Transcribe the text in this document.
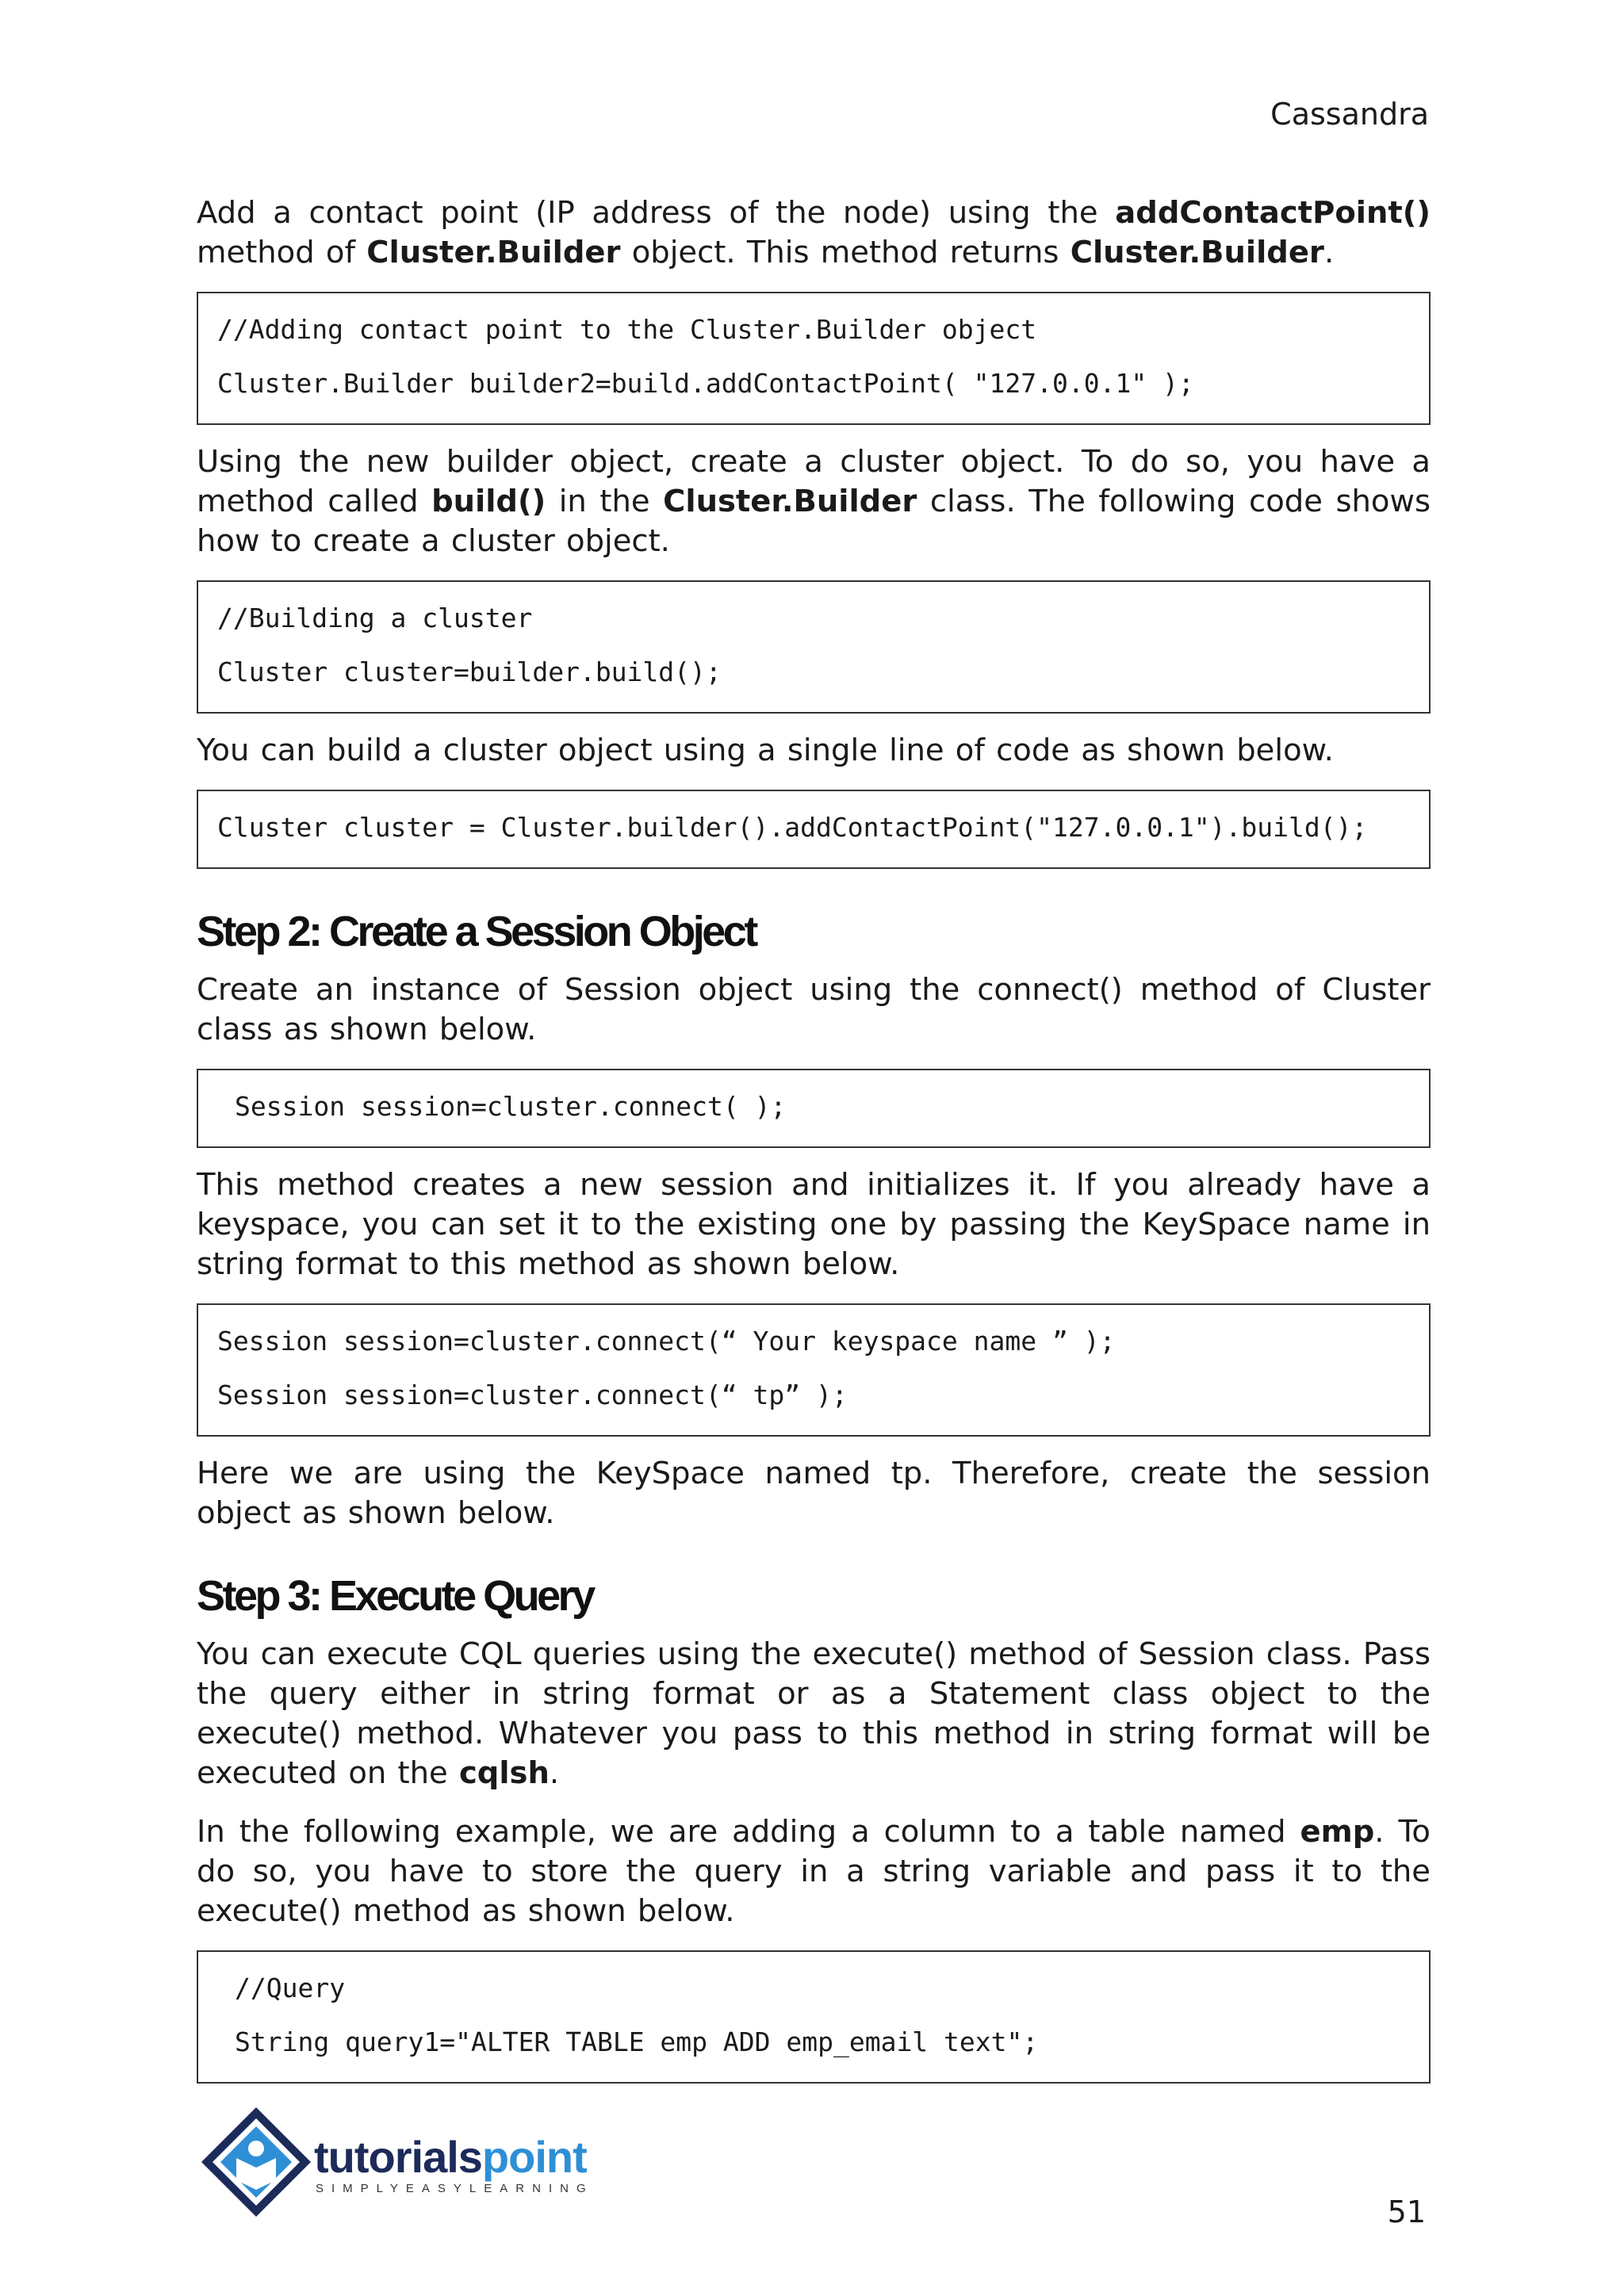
Cassandra

Add a contact point (IP address of the node) using the addContactPoint() method of Cluster.Builder object. This method returns Cluster.Builder.

//Adding contact point to the Cluster.Builder object
Cluster.Builder builder2=build.addContactPoint( "127.0.0.1" );

Using the new builder object, create a cluster object. To do so, you have a method called build() in the Cluster.Builder class. The following code shows how to create a cluster object.

//Building a cluster
Cluster cluster=builder.build();

You can build a cluster object using a single line of code as shown below.

Cluster cluster = Cluster.builder().addContactPoint("127.0.0.1").build();
Step 2: Create a Session Object

Create an instance of Session object using the connect() method of Cluster class as shown below.

Session session=cluster.connect( );

This method creates a new session and initializes it. If you already have a keyspace, you can set it to the existing one by passing the KeySpace name in string format to this method as shown below.

Session session=cluster.connect(“ Your keyspace name ” );
Session session=cluster.connect(“ tp” );

Here we are using the KeySpace named tp. Therefore, create the session object as shown below.

Step 3: Execute Query

You can execute CQL queries using the execute() method of Session class. Pass the query either in string format or as a Statement class object to the execute() method. Whatever you pass to this method in string format will be executed on the cqlsh.

In the following example, we are adding a column to a table named emp. To do so, you have to store the query in a string variable and pass it to the execute() method as shown below.

//Query
String query1="ALTER TABLE emp ADD emp_email text";
tutorialspoint
SIMPLYEASYLEARNING
51
